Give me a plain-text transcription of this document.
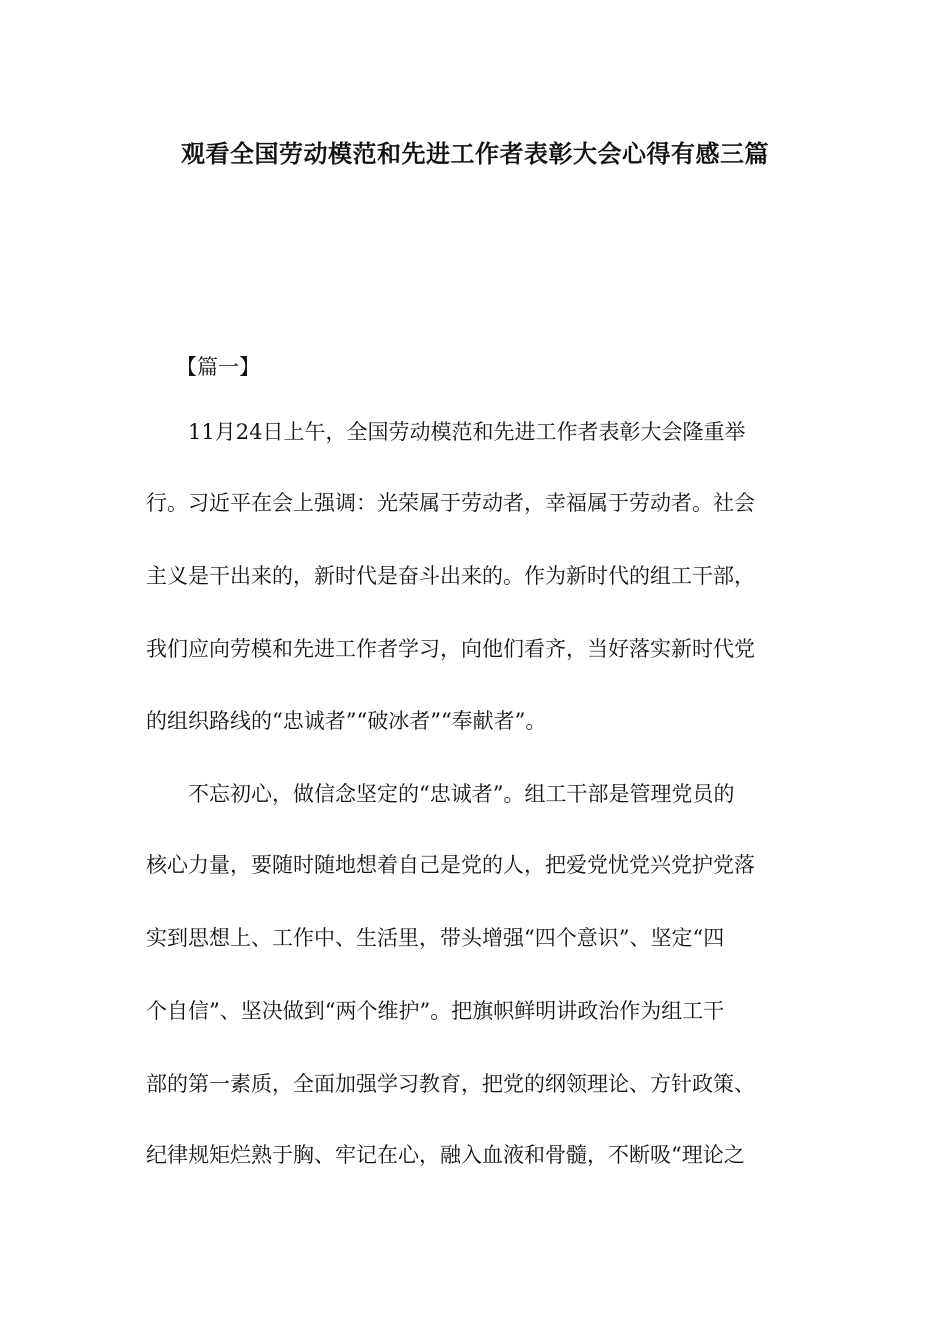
观看全国劳动模范和先进工作者表彰大会心得有感三篇

【篇一】

11月24日上午，全国劳动模范和先进工作者表彰大会隆重举

行。习近平在会上强调：光荣属于劳动者，幸福属于劳动者。社会

主义是干出来的，新时代是奋斗出来的。作为新时代的组工干部，

我们应向劳模和先进工作者学习，向他们看齐，当好落实新时代党

的组织路线的“忠诚者”“破冰者”“奉献者”。

不忘初心，做信念坚定的“忠诚者”。组工干部是管理党员的

核心力量，要随时随地想着自己是党的人，把爱党忧党兴党护党落

实到思想上、工作中、生活里，带头增强“四个意识”、坚定“四

个自信”、坚决做到“两个维护”。把旗帜鲜明讲政治作为组工干

部的第一素质，全面加强学习教育，把党的纲领理论、方针政策、

纪律规矩烂熟于胸、牢记在心，融入血液和骨髓，不断吸“理论之
